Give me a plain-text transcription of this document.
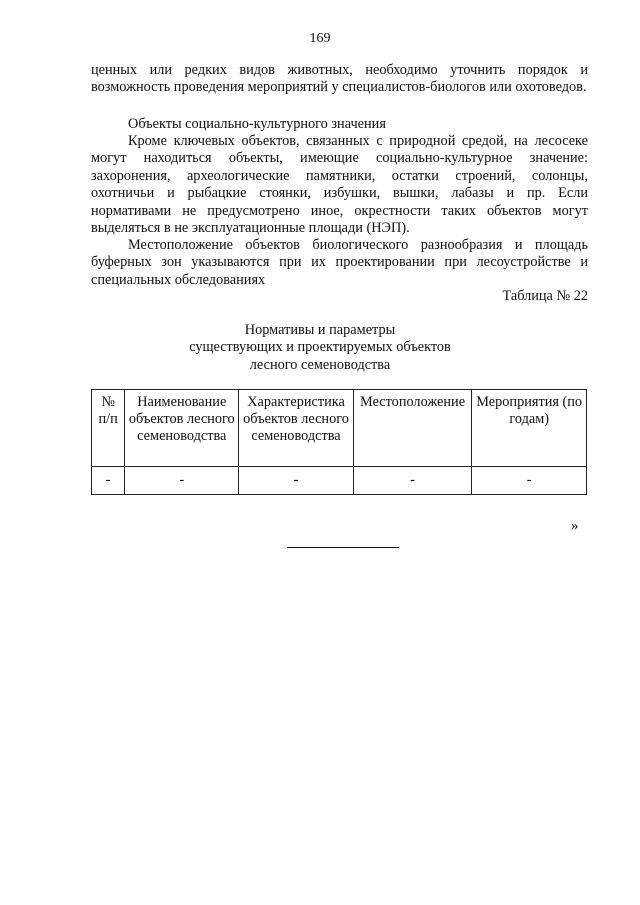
169
ценных или редких видов животных, необходимо уточнить порядок и возможность проведения мероприятий у специалистов-биологов или охотоведов.
Объекты социально-культурного значения
Кроме ключевых объектов, связанных с природной средой, на лесосеке могут находиться объекты, имеющие социально-культурное значение: захоронения, археологические памятники, остатки строений, солонцы, охотничьи и рыбацкие стоянки, избушки, вышки, лабазы и пр. Если нормативами не предусмотрено иное, окрестности таких объектов могут выделяться в не эксплуатационные площади (НЭП).
Местоположение объектов биологического разнообразия и площадь буферных зон указываются при их проектировании при лесоустройстве и специальных обследованиях
Таблица № 22
Нормативы и параметры
существующих и проектируемых объектов
лесного семеноводства
№ п/п	Наименование объектов лесного семеноводства	Характеристика объектов лесного семеноводства	Местоположение	Мероприятия (по годам)
-	-	-	-	-
»
